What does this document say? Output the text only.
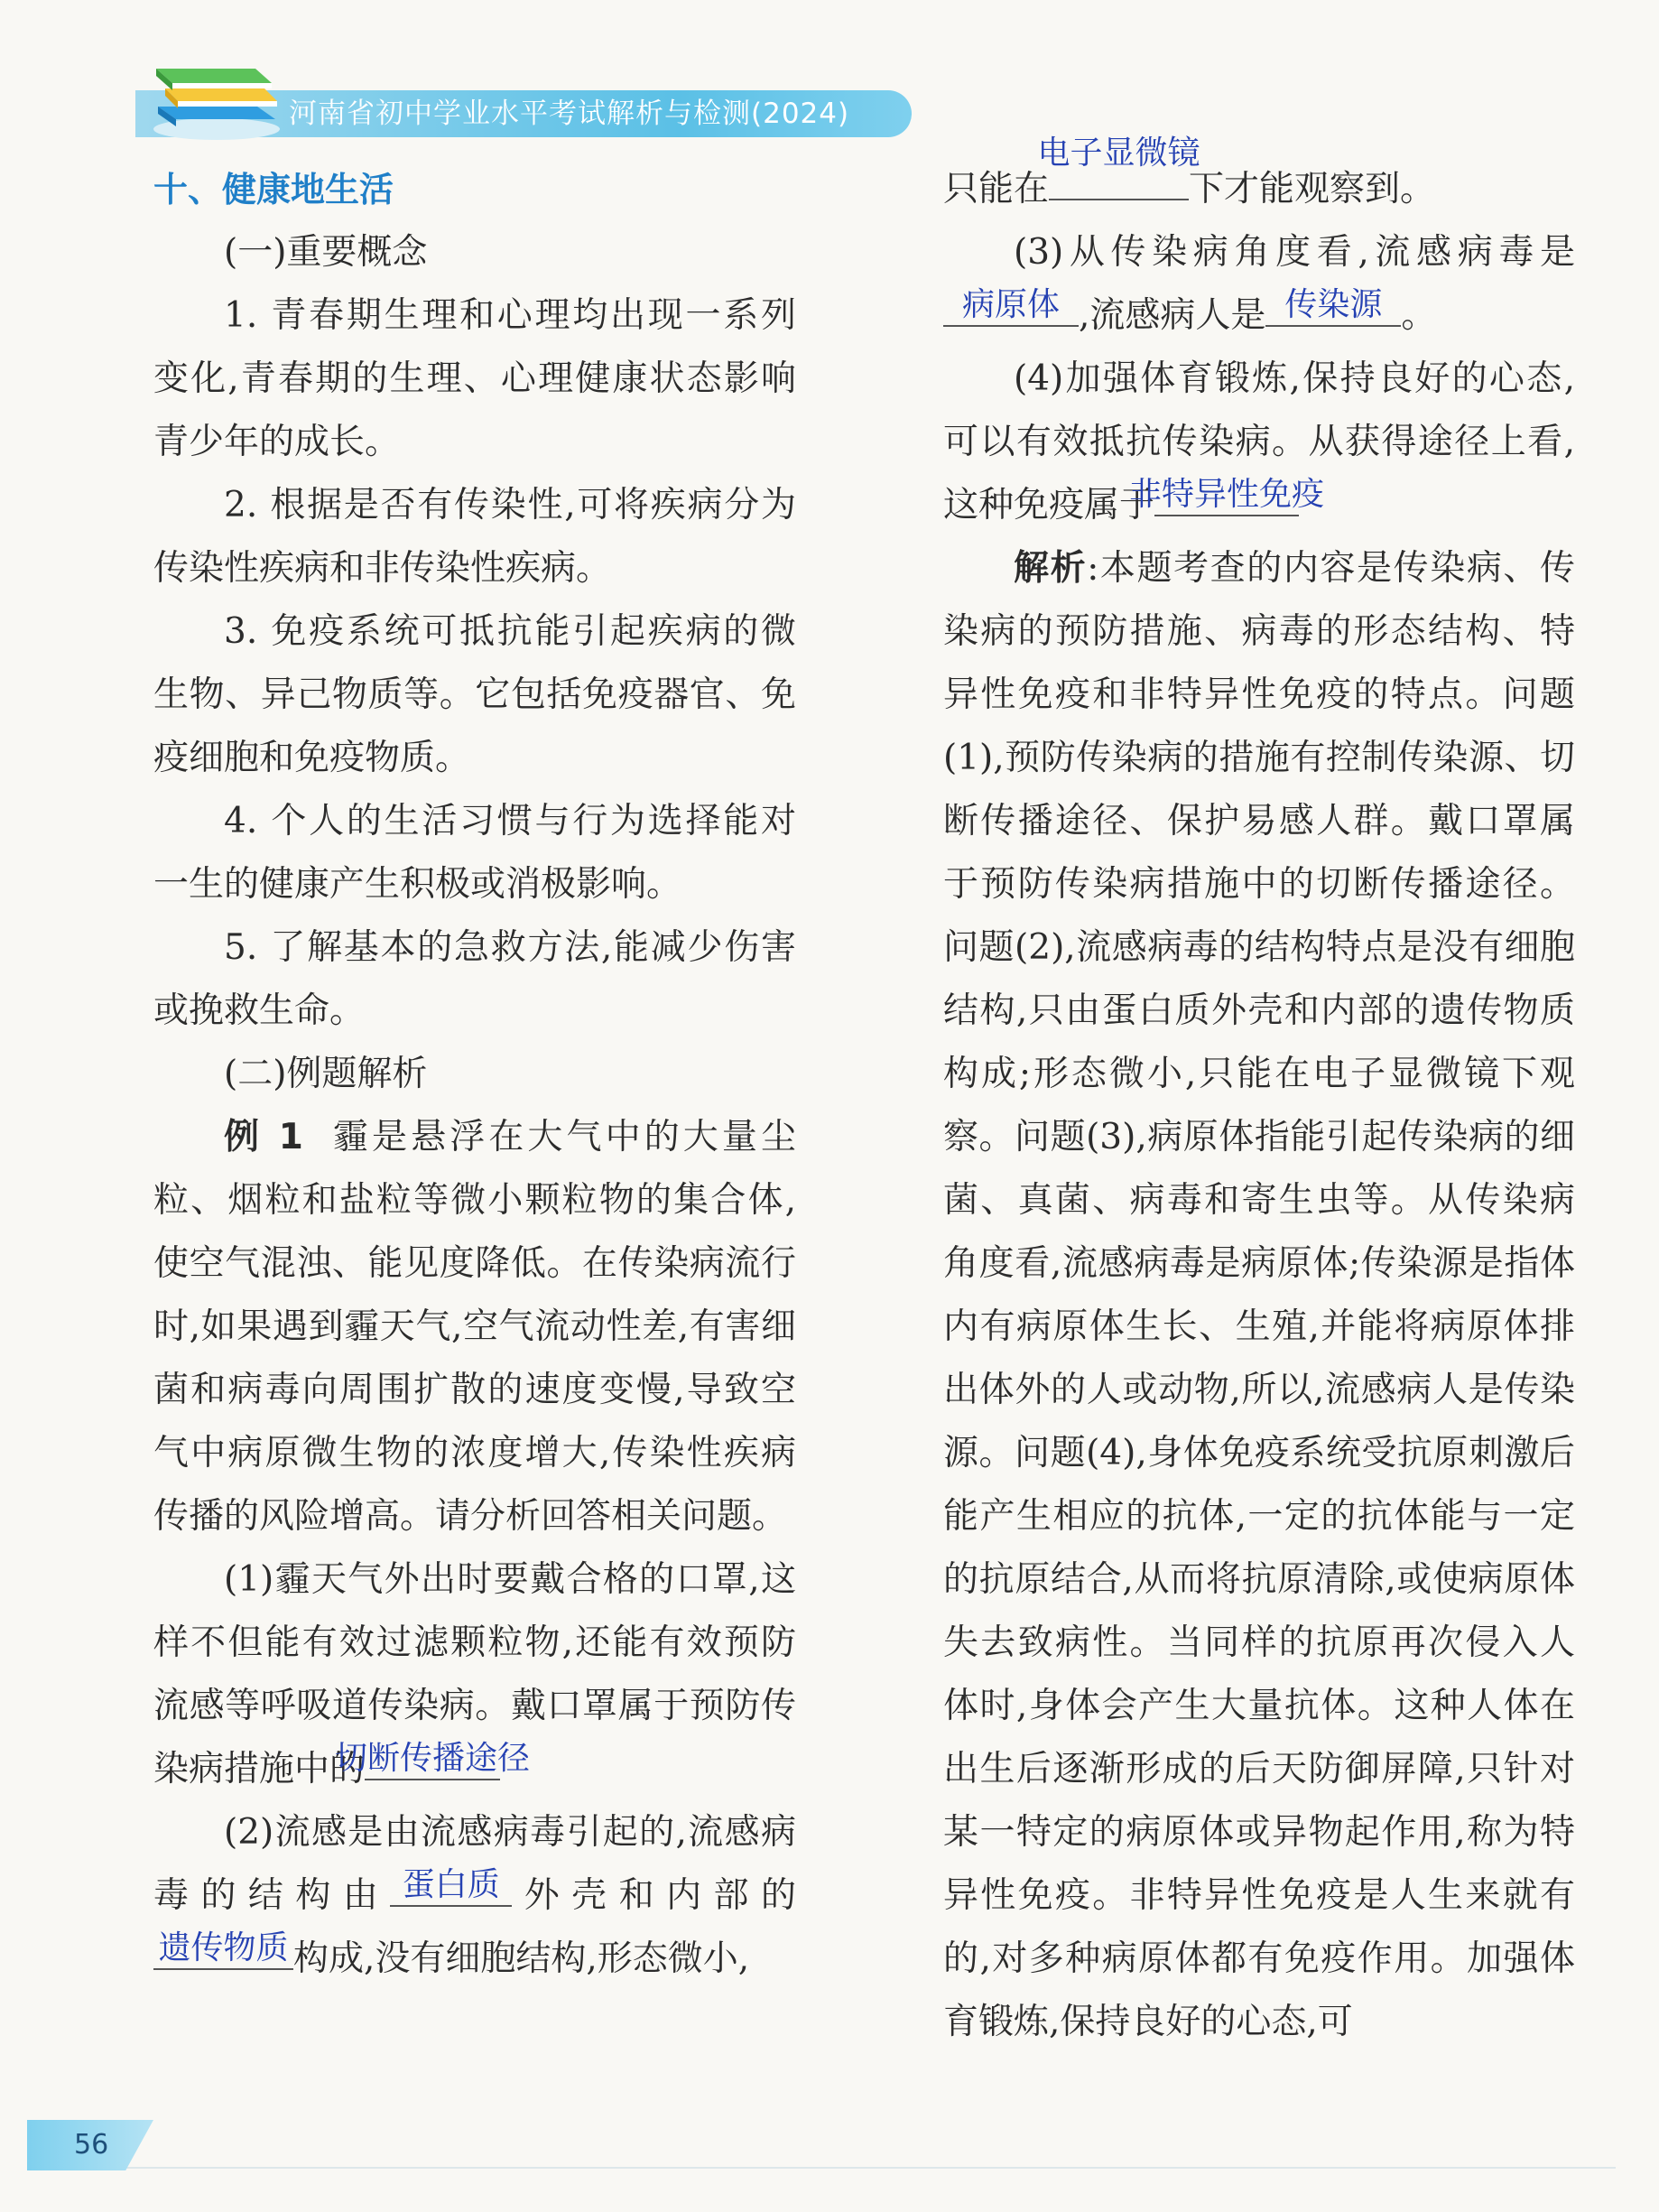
河南省初中学业水平考试解析与检测(2024)

十、健康地生活

(一)重要概念

1. 青春期生理和心理均出现一系列变化,青春期的生理、心理健康状态影响青少年的成长。

2. 根据是否有传染性,可将疾病分为传染性疾病和非传染性疾病。

3. 免疫系统可抵抗能引起疾病的微生物、异己物质等。它包括免疫器官、免疫细胞和免疫物质。

4. 个人的生活习惯与行为选择能对一生的健康产生积极或消极影响。

5. 了解基本的急救方法,能减少伤害或挽救生命。

(二)例题解析

例 1 霾是悬浮在大气中的大量尘粒、烟粒和盐粒等微小颗粒物的集合体,使空气混浊、能见度降低。在传染病流行时,如果遇到霾天气,空气流动性差,有害细菌和病毒向周围扩散的速度变慢,导致空气中病原微生物的浓度增大,传染性疾病传播的风险增高。请分析回答相关问题。

(1)霾天气外出时要戴合格的口罩,这样不但能有效过滤颗粒物,还能有效预防流感等呼吸道传染病。戴口罩属于预防传染病措施中的
切断传播途径

(2)流感是由流感病毒引起的,流感病毒的结构由 蛋白质 外壳和内部的
遗传物质 构成,没有细胞结构,形态微小,

只能在
电子显微镜
下才能观察到。

(3)从传染病角度看,流感病毒是
病原体 ,流感病人是 传染源 。

(4)加强体育锻炼,保持良好的心态,可以有效抵抗传染病。从获得途径上看,这种免疫属于
非特异性免疫

解析:本题考查的内容是传染病、传染病的预防措施、病毒的形态结构、特异性免疫和非特异性免疫的特点。问题(1),预防传染病的措施有控制传染源、切断传播途径、保护易感人群。戴口罩属于预防传染病措施中的切断传播途径。问题(2),流感病毒的结构特点是没有细胞结构,只由蛋白质外壳和内部的遗传物质构成;形态微小,只能在电子显微镜下观察。问题(3),病原体指能引起传染病的细菌、真菌、病毒和寄生虫等。从传染病角度看,流感病毒是病原体;传染源是指体内有病原体生长、生殖,并能将病原体排出体外的人或动物,所以,流感病人是传染源。问题(4),身体免疫系统受抗原刺激后能产生相应的抗体,一定的抗体能与一定的抗原结合,从而将抗原清除,或使病原体失去致病性。当同样的抗原再次侵入人体时,身体会产生大量抗体。这种人体在出生后逐渐形成的后天防御屏障,只针对某一特定的病原体或异物起作用,称为特异性免疫。非特异性免疫是人生来就有的,对多种病原体都有免疫作用。加强体育锻炼,保持良好的心态,可

56
